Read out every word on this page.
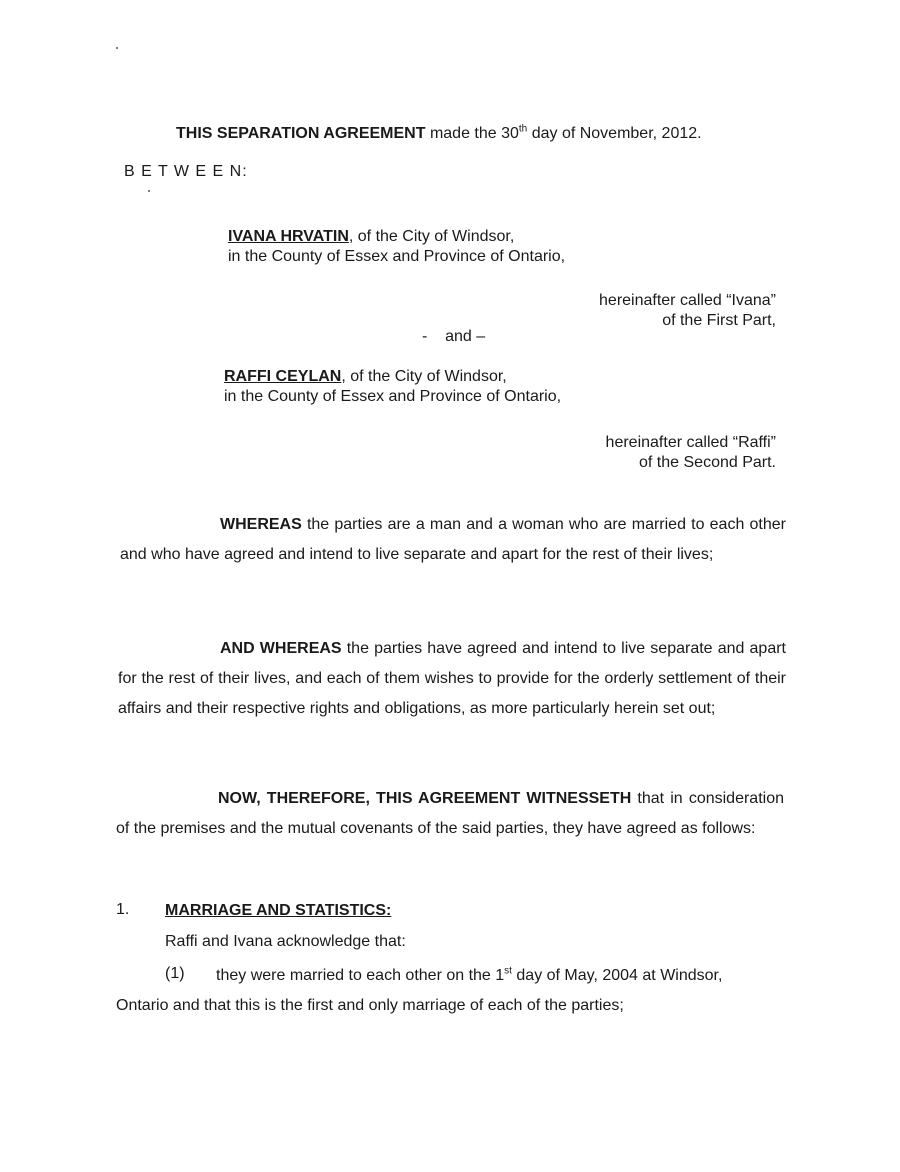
THIS SEPARATION AGREEMENT made the 30th day of November, 2012.
B E T W E E N:
IVANA HRVATIN, of the City of Windsor,
in the County of Essex and Province of Ontario,
hereinafter called “Ivana”
of the First Part,
-    and –
RAFFI CEYLAN, of the City of Windsor,
in the County of Essex and Province of Ontario,
hereinafter called “Raffi”
of the Second Part.
WHEREAS the parties are a man and a woman who are married to each other and who have agreed and intend to live separate and apart for the rest of their lives;
AND WHEREAS the parties have agreed and intend to live separate and apart for the rest of their lives, and each of them wishes to provide for the orderly settlement of their affairs and their respective rights and obligations, as more particularly herein set out;
NOW, THEREFORE, THIS AGREEMENT WITNESSETH that in consideration of the premises and the mutual covenants of the said parties, they have agreed as follows:
1. MARRIAGE AND STATISTICS:
Raffi and Ivana acknowledge that:
(1) they were married to each other on the 1st day of May, 2004 at Windsor,
Ontario and that this is the first and only marriage of each of the parties;
